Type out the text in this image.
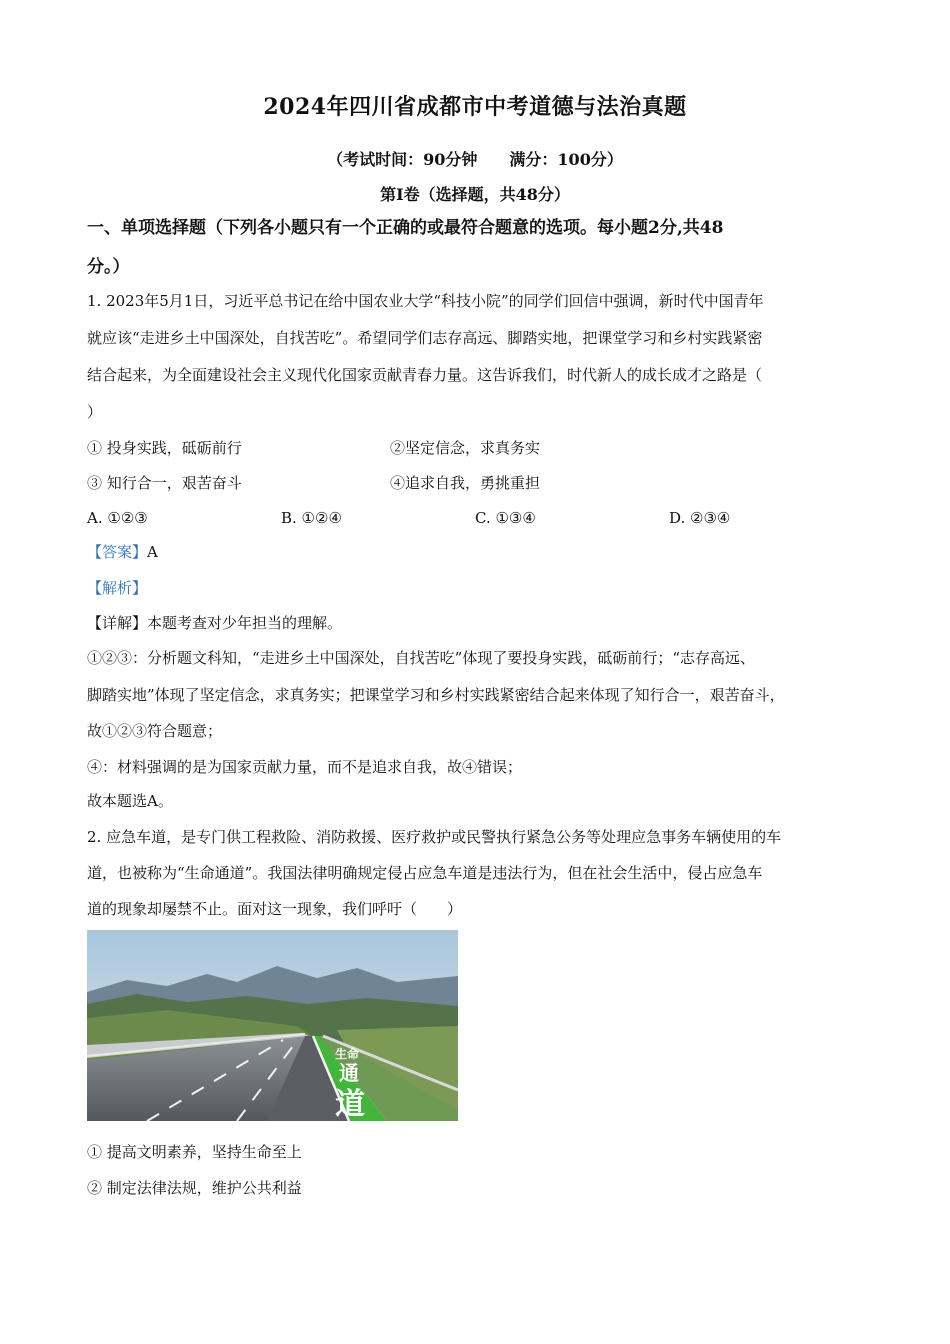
2024年四川省成都市中考道德与法治真题
（考试时间：90分钟　　满分：100分）
第Ⅰ卷（选择题，共48分）
一、单项选择题（下列各小题只有一个正确的或最符合题意的选项。每小题2分,共48
分。）
1. 2023年5月1日，习近平总书记在给中国农业大学“科技小院”的同学们回信中强调，新时代中国青年
就应该“走进乡土中国深处，自找苦吃”。希望同学们志存高远、脚踏实地，把课堂学习和乡村实践紧密
结合起来，为全面建设社会主义现代化国家贡献青春力量。这告诉我们，时代新人的成长成才之路是（
）
① 投身实践，砥砺前行	②坚定信念，求真务实
③ 知行合一，艰苦奋斗	④追求自我，勇挑重担
A. ①②③	B. ①②④	C. ①③④	D. ②③④
【答案】A
【解析】
【详解】本题考查对少年担当的理解。
①②③：分析题文科知，“走进乡土中国深处，自找苦吃”体现了要投身实践，砥砺前行；“志存高远、
脚踏实地”体现了坚定信念，求真务实；把课堂学习和乡村实践紧密结合起来体现了知行合一，艰苦奋斗，
故①②③符合题意；
④：材料强调的是为国家贡献力量，而不是追求自我，故④错误；
故本题选A。
2. 应急车道，是专门供工程救险、消防救援、医疗救护或民警执行紧急公务等处理应急事务车辆使用的车
道，也被称为“生命通道”。我国法律明确规定侵占应急车道是违法行为，但在社会生活中，侵占应急车
道的现象却屡禁不止。面对这一现象，我们呼吁（　　）
生命
通
道
① 提高文明素养，坚持生命至上
② 制定法律法规，维护公共利益
